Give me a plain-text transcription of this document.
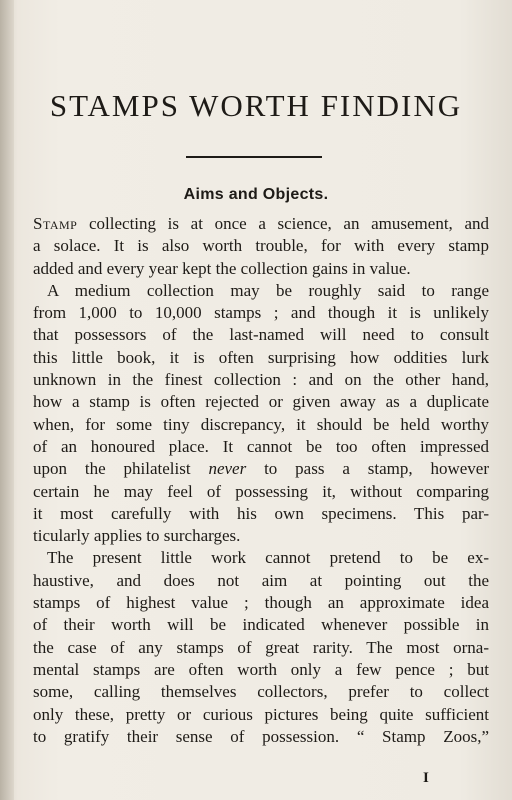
STAMPS WORTH FINDING
Aims and Objects.
Stamp collecting is at once a science, an amusement, and
a solace. It is also worth trouble, for with every stamp
added and every year kept the collection gains in value.
A medium collection may be roughly said to range
from 1,000 to 10,000 stamps ; and though it is unlikely
that possessors of the last-named will need to consult
this little book, it is often surprising how oddities lurk
unknown in the finest collection : and on the other hand,
how a stamp is often rejected or given away as a duplicate
when, for some tiny discrepancy, it should be held worthy
of an honoured place. It cannot be too often impressed
upon the philatelist never to pass a stamp, however
certain he may feel of possessing it, without comparing
it most carefully with his own specimens. This par-
ticularly applies to surcharges.
The present little work cannot pretend to be ex-
haustive, and does not aim at pointing out the
stamps of highest value ; though an approximate idea
of their worth will be indicated whenever possible in
the case of any stamps of great rarity. The most orna-
mental stamps are often worth only a few pence ; but
some, calling themselves collectors, prefer to collect
only these, pretty or curious pictures being quite sufficient
to gratify their sense of possession. “ Stamp Zoos,”
I
